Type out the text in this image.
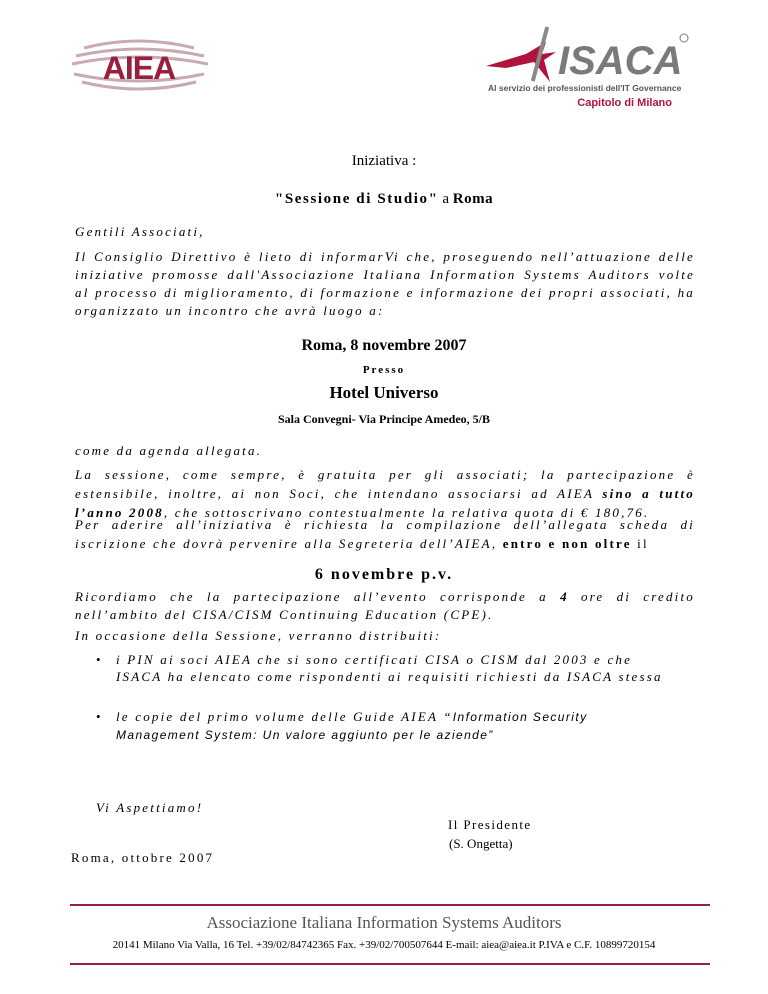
AIEA	ISACA
Al servizio dei professionisti dell'IT Governance
Capitolo di Milano
Iniziativa :
"Sessione di Studio" a Roma
Gentili Associati,
Il Consiglio Direttivo è lieto di informarVi che, proseguendo nell’attuazione delle iniziative promosse dall'Associazione Italiana Information Systems Auditors volte al processo di miglioramento, di formazione e informazione dei propri associati, ha organizzato un incontro che avrà luogo a:
Roma, 8 novembre 2007
Presso
Hotel Universo
Sala Convegni- Via Principe Amedeo, 5/B
come da agenda allegata.
La sessione, come sempre, è gratuita per gli associati; la partecipazione è estensibile, inoltre, ai non Soci, che intendano associarsi ad AIEA sino a tutto l’anno 2008, che sottoscrivano contestualmente la relativa quota di € 180,76.
Per aderire all’iniziativa è richiesta la compilazione dell’allegata scheda di iscrizione che dovrà pervenire alla Segreteria dell’AIEA, entro e non oltre il
6 novembre p.v.
Ricordiamo che la partecipazione all’evento corrisponde a 4 ore di credito nell’ambito del CISA/CISM Continuing Education (CPE).
In occasione della Sessione, verranno distribuiti:
• i PIN ai soci AIEA che si sono certificati CISA o CISM dal 2003 e che ISACA ha elencato come rispondenti ai requisiti richiesti da ISACA stessa
• le copie del primo volume delle Guide AIEA “Information Security Management System: Un valore aggiunto per le aziende”
Vi Aspettiamo!
Il Presidente
(S. Ongetta)
Roma, ottobre 2007
Associazione Italiana Information Systems Auditors
20141 Milano Via Valla, 16 Tel. +39/02/84742365 Fax. +39/02/700507644 E-mail: aiea@aiea.it P.IVA e C.F. 10899720154
